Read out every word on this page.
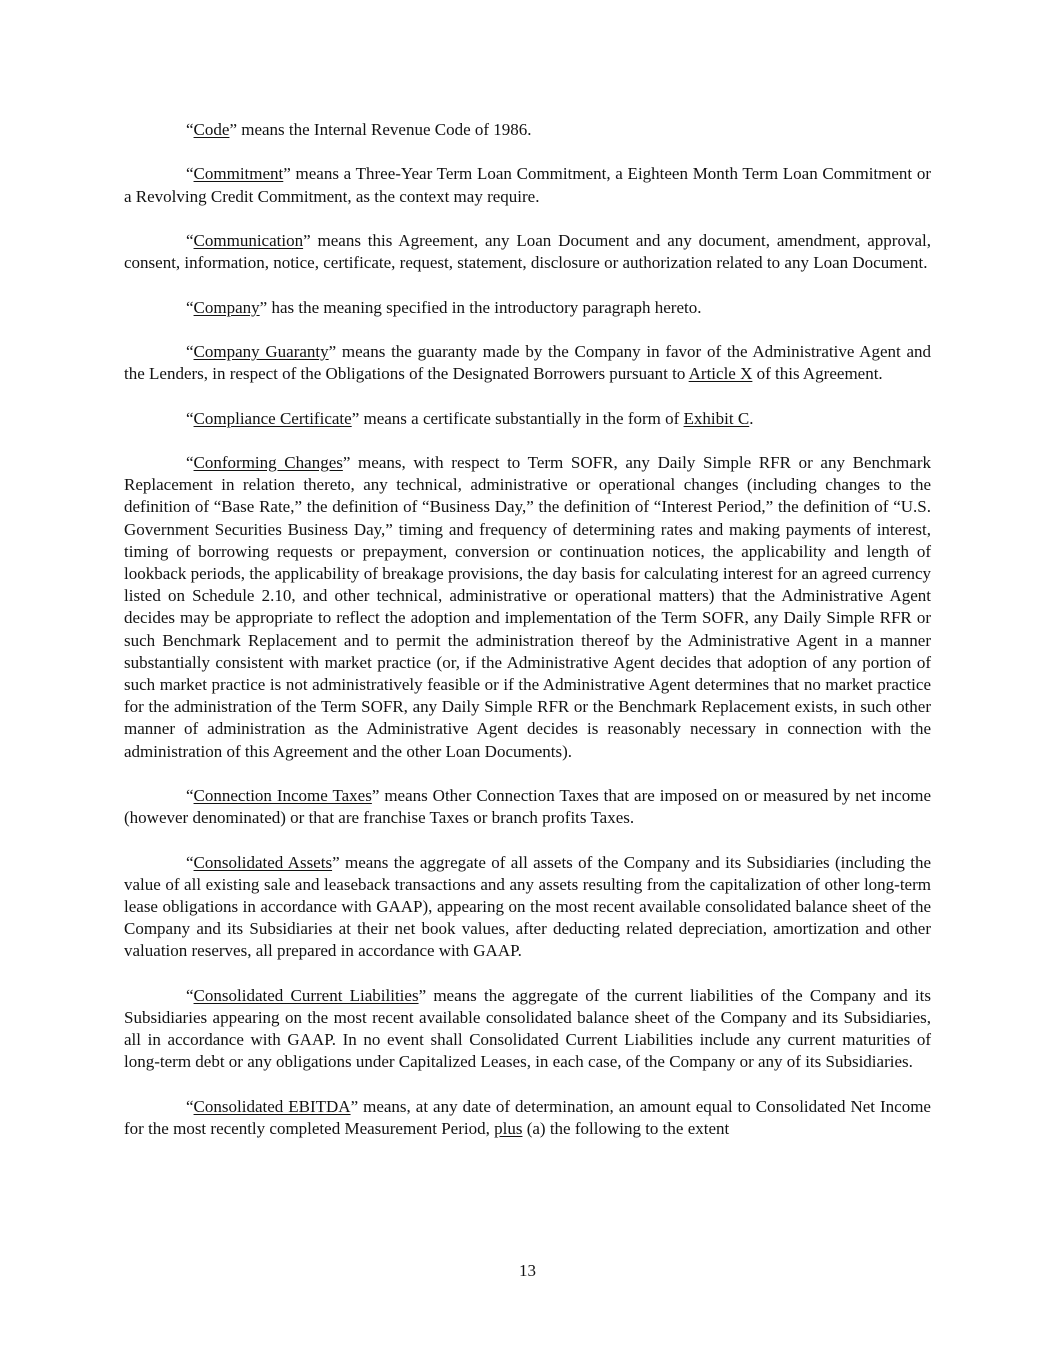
“Code” means the Internal Revenue Code of 1986.

“Commitment” means a Three-Year Term Loan Commitment, a Eighteen Month Term Loan Commitment or a Revolving Credit Commitment, as the context may require.

“Communication” means this Agreement, any Loan Document and any document, amendment, approval, consent, information, notice, certificate, request, statement, disclosure or authorization related to any Loan Document.

“Company” has the meaning specified in the introductory paragraph hereto.

“Company Guaranty” means the guaranty made by the Company in favor of the Administrative Agent and the Lenders, in respect of the Obligations of the Designated Borrowers pursuant to Article X of this Agreement.

“Compliance Certificate” means a certificate substantially in the form of Exhibit C.

“Conforming Changes” means, with respect to Term SOFR, any Daily Simple RFR or any Benchmark Replacement in relation thereto, any technical, administrative or operational changes (including changes to the definition of “Base Rate,” the definition of “Business Day,” the definition of “Interest Period,” the definition of “U.S. Government Securities Business Day,” timing and frequency of determining rates and making payments of interest, timing of borrowing requests or prepayment, conversion or continuation notices, the applicability and length of lookback periods, the applicability of breakage provisions, the day basis for calculating interest for an agreed currency listed on Schedule 2.10, and other technical, administrative or operational matters) that the Administrative Agent decides may be appropriate to reflect the adoption and implementation of the Term SOFR, any Daily Simple RFR or such Benchmark Replacement and to permit the administration thereof by the Administrative Agent in a manner substantially consistent with market practice (or, if the Administrative Agent decides that adoption of any portion of such market practice is not administratively feasible or if the Administrative Agent determines that no market practice for the administration of the Term SOFR, any Daily Simple RFR or the Benchmark Replacement exists, in such other manner of administration as the Administrative Agent decides is reasonably necessary in connection with the administration of this Agreement and the other Loan Documents).

“Connection Income Taxes” means Other Connection Taxes that are imposed on or measured by net income (however denominated) or that are franchise Taxes or branch profits Taxes.

“Consolidated Assets” means the aggregate of all assets of the Company and its Subsidiaries (including the value of all existing sale and leaseback transactions and any assets resulting from the capitalization of other long-term lease obligations in accordance with GAAP), appearing on the most recent available consolidated balance sheet of the Company and its Subsidiaries at their net book values, after deducting related depreciation, amortization and other valuation reserves, all prepared in accordance with GAAP.

“Consolidated Current Liabilities” means the aggregate of the current liabilities of the Company and its Subsidiaries appearing on the most recent available consolidated balance sheet of the Company and its Subsidiaries, all in accordance with GAAP. In no event shall Consolidated Current Liabilities include any current maturities of long-term debt or any obligations under Capitalized Leases, in each case, of the Company or any of its Subsidiaries.

“Consolidated EBITDA” means, at any date of determination, an amount equal to Consolidated Net Income for the most recently completed Measurement Period, plus (a) the following to the extent

13
